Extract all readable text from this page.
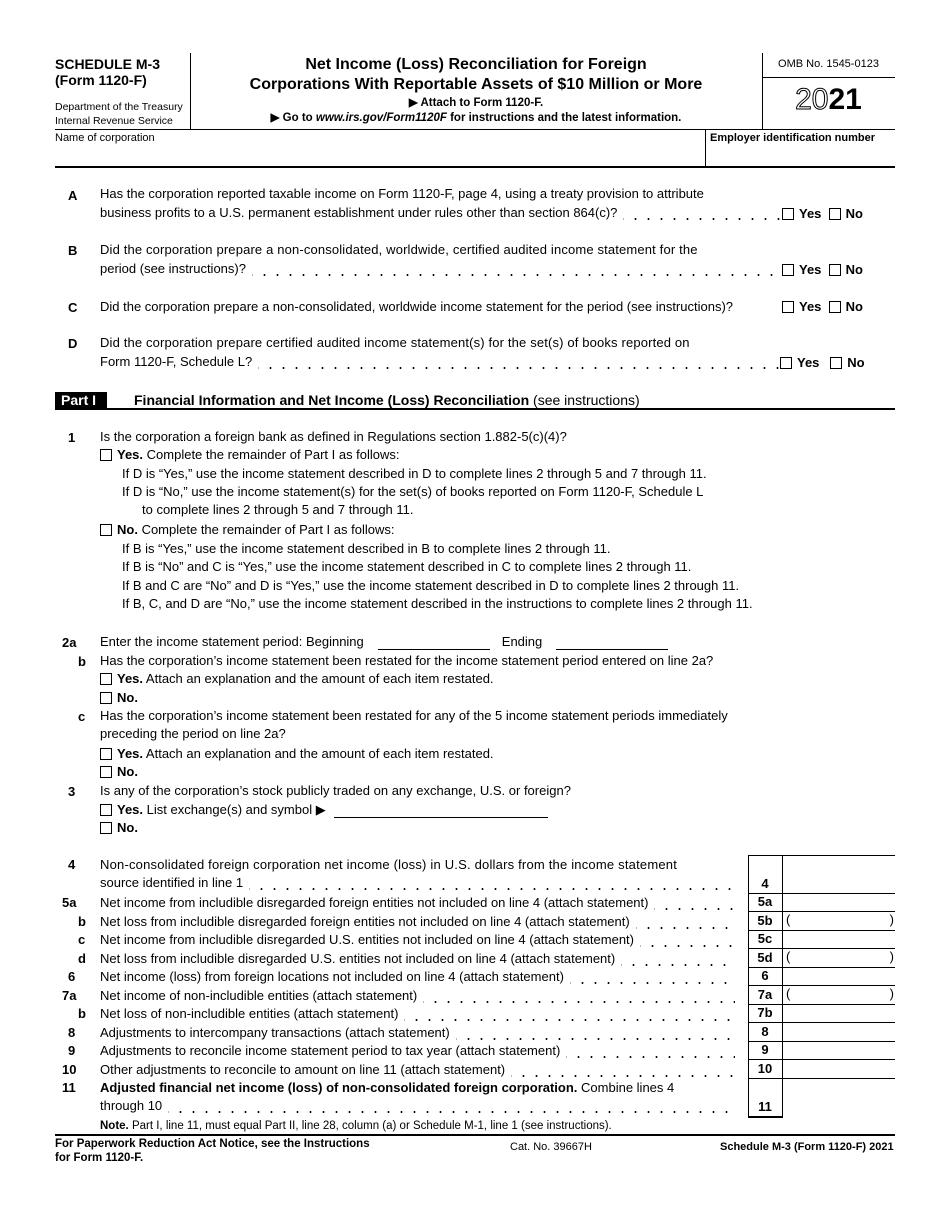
SCHEDULE M-3
(Form 1120-F)
Department of the Treasury
Internal Revenue Service
Net Income (Loss) Reconciliation for Foreign
Corporations With Reportable Assets of $10 Million or More
▶ Attach to Form 1120-F.
▶ Go to www.irs.gov/Form1120F for instructions and the latest information.
OMB No. 1545-0123
2021
Name of corporation	Employer identification number
A Has the corporation reported taxable income on Form 1120-F, page 4, using a treaty provision to attribute
business profits to a U.S. permanent establishment under rules other than section 864(c)?	Yes No
B Did the corporation prepare a non-consolidated, worldwide, certified audited income statement for the
period (see instructions)?	Yes No
C Did the corporation prepare a non-consolidated, worldwide income statement for the period (see instructions)?	Yes No
D Did the corporation prepare certified audited income statement(s) for the set(s) of books reported on
Form 1120-F, Schedule L?	Yes No
Part I	Financial Information and Net Income (Loss) Reconciliation (see instructions)
1 Is the corporation a foreign bank as defined in Regulations section 1.882-5(c)(4)?
Yes. Complete the remainder of Part I as follows:
If D is “Yes,” use the income statement described in D to complete lines 2 through 5 and 7 through 11.
If D is “No,” use the income statement(s) for the set(s) of books reported on Form 1120-F, Schedule L
to complete lines 2 through 5 and 7 through 11.
No. Complete the remainder of Part I as follows:
If B is “Yes,” use the income statement described in B to complete lines 2 through 11.
If B is “No” and C is “Yes,” use the income statement described in C to complete lines 2 through 11.
If B and C are “No” and D is “Yes,” use the income statement described in D to complete lines 2 through 11.
If B, C, and D are “No,” use the income statement described in the instructions to complete lines 2 through 11.
2a Enter the income statement period: Beginning	Ending
b Has the corporation’s income statement been restated for the income statement period entered on line 2a?
Yes. Attach an explanation and the amount of each item restated.
No.
c Has the corporation’s income statement been restated for any of the 5 income statement periods immediately
preceding the period on line 2a?
Yes. Attach an explanation and the amount of each item restated.
No.
3 Is any of the corporation’s stock publicly traded on any exchange, U.S. or foreign?
Yes. List exchange(s) and symbol ▶
No.
4 Non-consolidated foreign corporation net income (loss) in U.S. dollars from the income statement
source identified in line 1	4
5a Net income from includible disregarded foreign entities not included on line 4 (attach statement)	5a
b Net loss from includible disregarded foreign entities not included on line 4 (attach statement)	5b	(	)
c Net income from includible disregarded U.S. entities not included on line 4 (attach statement)	5c
d Net loss from includible disregarded U.S. entities not included on line 4 (attach statement)	5d	(	)
6 Net income (loss) from foreign locations not included on line 4 (attach statement)	6
7a Net income of non-includible entities (attach statement)	7a	(	)
b Net loss of non-includible entities (attach statement)	7b
8 Adjustments to intercompany transactions (attach statement)	8
9 Adjustments to reconcile income statement period to tax year (attach statement)	9
10 Other adjustments to reconcile to amount on line 11 (attach statement)	10
11 Adjusted financial net income (loss) of non-consolidated foreign corporation. Combine lines 4
through 10	11
Note. Part I, line 11, must equal Part II, line 28, column (a) or Schedule M-1, line 1 (see instructions).
For Paperwork Reduction Act Notice, see the Instructions
for Form 1120-F.
Cat. No. 39667H	Schedule M-3 (Form 1120-F) 2021
